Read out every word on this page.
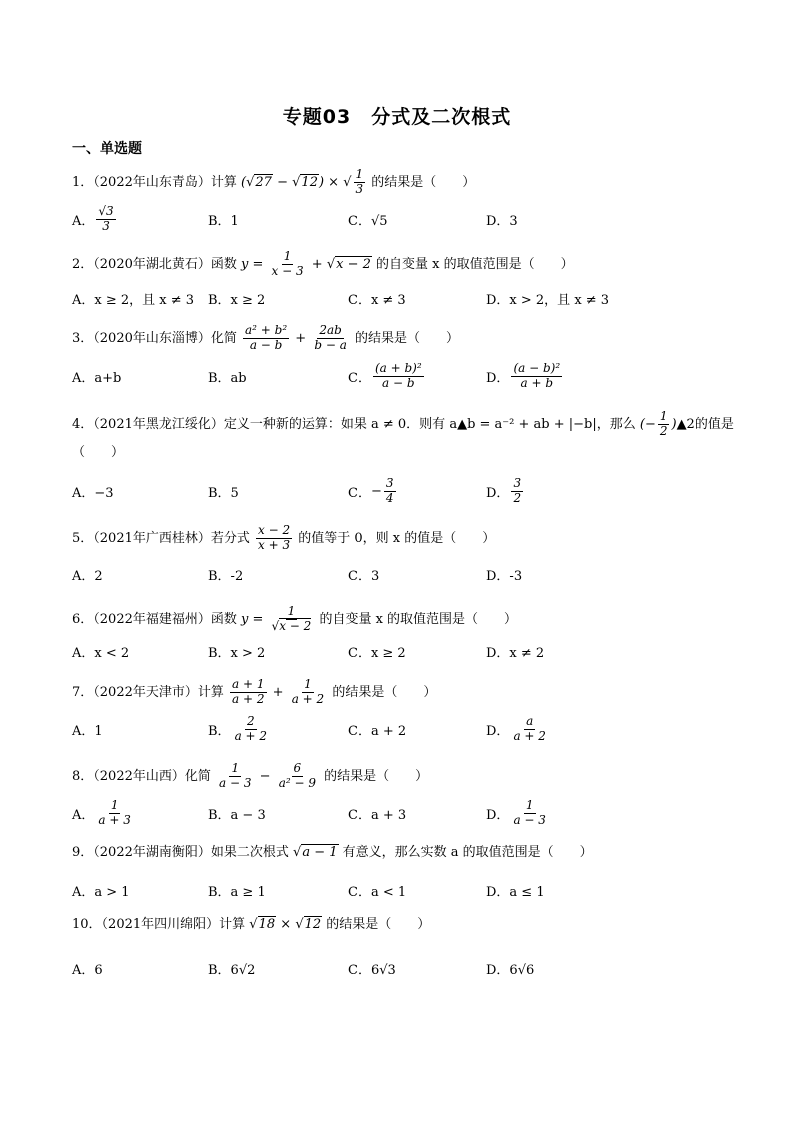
专题03　分式及二次根式
一、单选题
1．（2022年山东青岛）计算 (√27 − √12) × √ $\frac{1}{3}$ 的结果是（　　）
A． $\frac{√3}{3}$	B．1	C．√5	D．3
2．（2020年湖北黄石）函数 $y = \frac{1}{x - 3} + √x - 2$ 的自变量 x 的取值范围是（　　）
A．x ≥ 2，且 x ≠ 3 B．x ≥ 2	C．x ≠ 3	D．x > 2，且 x ≠ 3
3．（2020年山东淄博）化简 $\frac{\text{a² + b²}}{a - b} + \frac{2ab}{b - a}$ 的结果是（　　）
A．a+b	B．ab	C． $\frac{\text{(a + b)²}}{a - b}$	D． $\frac{\text{(a − b)²}}{a + b}$
4．（2021年黑龙江绥化）定义一种新的运算：如果 a ≠ 0．则有 a▲b = a⁻² + ab + |−b|，那么 (− $\frac{1}{2}$ )▲2的值是
（　　）
A．−3	B．5	C． − $\frac{3}{4}$	D． $\frac{3}{2}$
5．（2021年广西桂林）若分式 $\frac{x - 2}{x + 3}$ 的值等于 0，则 x 的值是（　　）
A．2	B．-2	C．3	D．-3
6．（2022年福建福州）函数 $y = \frac{1}{√x - 2}$ 的自变量 x 的取值范围是（　　）
A．x < 2	B．x > 2	C．x ≥ 2	D．x ≠ 2
7．（2022年天津市）计算 $\frac{a + 1}{a + 2} + \frac{1}{a + 2}$ 的结果是（　　）
A．1	B． $\frac{2}{a + 2}$	C．a + 2	D． $\frac{a}{a + 2}$
8．（2022年山西）化简 $\frac{1}{a - 3} - \frac{6}{\text{a² − 9}}$ 的结果是（　　）
A． $\frac{1}{a + 3}$	B．a − 3	C．a + 3	D． $\frac{1}{a - 3}$
9．（2022年湖南衡阳）如果二次根式 √a − 1 有意义，那么实数 a 的取值范围是（　　）
A．a > 1	B．a ≥ 1	C．a < 1	D．a ≤ 1
10．（2021年四川绵阳）计算 √18 × √12 的结果是（　　）
A．6	B．6√2	C．6√3	D．6√6
